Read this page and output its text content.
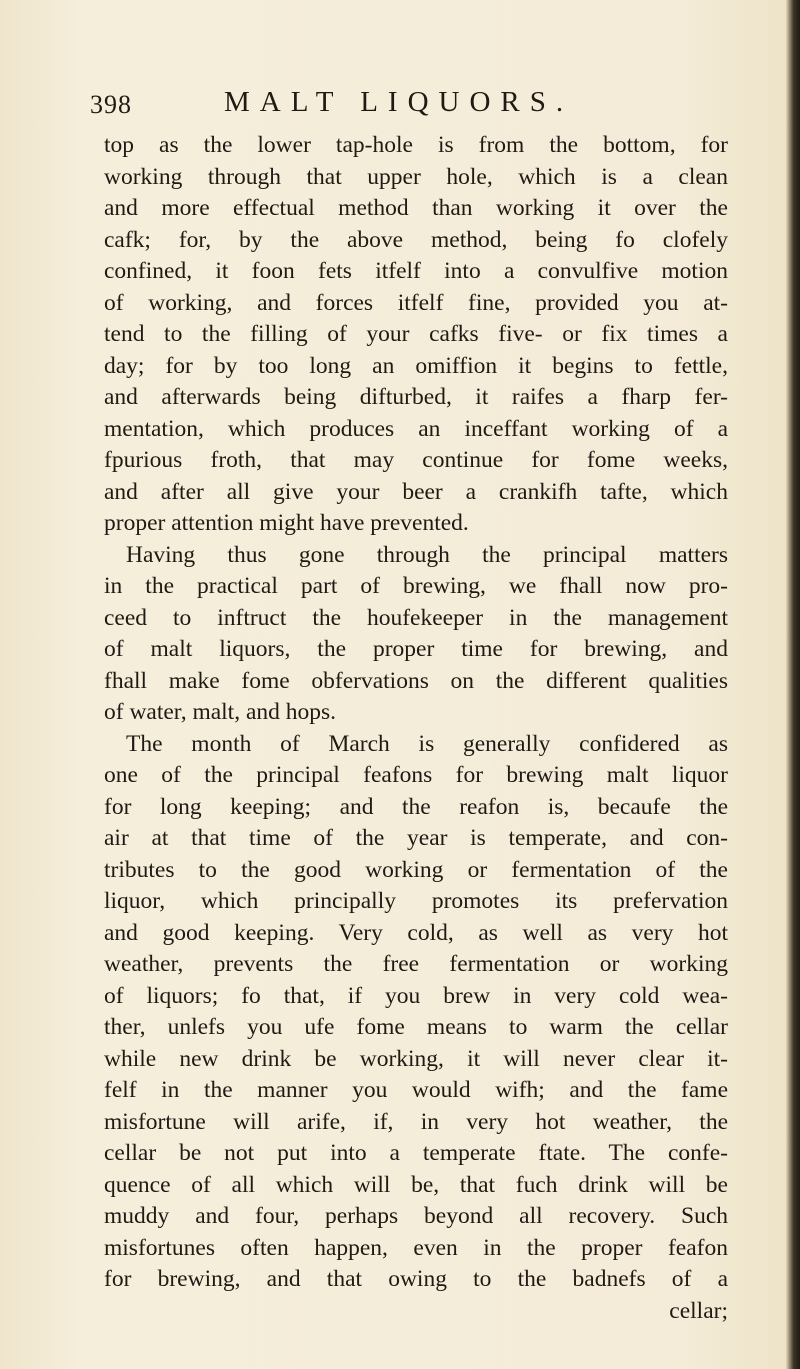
398	MALT LIQUORS.
top as the lower tap-hole is from the bottom, for
working through that upper hole, which is a clean
and more effectual method than working it over the
cafk; for, by the above method, being fo clofely
confined, it foon fets itfelf into a convulfive motion
of working, and forces itfelf fine, provided you at-
tend to the filling of your cafks five- or fix times a
day; for by too long an omiffion it begins to fettle,
and afterwards being difturbed, it raifes a fharp fer-
mentation, which produces an inceffant working of a
fpurious froth, that may continue for fome weeks,
and after all give your beer a crankifh tafte, which
proper attention might have prevented.
Having thus gone through the principal matters
in the practical part of brewing, we fhall now pro-
ceed to inftruct the houfekeeper in the management
of malt liquors, the proper time for brewing, and
fhall make fome obfervations on the different qualities
of water, malt, and hops.
The month of March is generally confidered as
one of the principal feafons for brewing malt liquor
for long keeping; and the reafon is, becaufe the
air at that time of the year is temperate, and con-
tributes to the good working or fermentation of the
liquor, which principally promotes its prefervation
and good keeping. Very cold, as well as very hot
weather, prevents the free fermentation or working
of liquors; fo that, if you brew in very cold wea-
ther, unlefs you ufe fome means to warm the cellar
while new drink be working, it will never clear it-
felf in the manner you would wifh; and the fame
misfortune will arife, if, in very hot weather, the
cellar be not put into a temperate ftate. The confe-
quence of all which will be, that fuch drink will be
muddy and four, perhaps beyond all recovery. Such
misfortunes often happen, even in the proper feafon
for brewing, and that owing to the badnefs of a
cellar;
